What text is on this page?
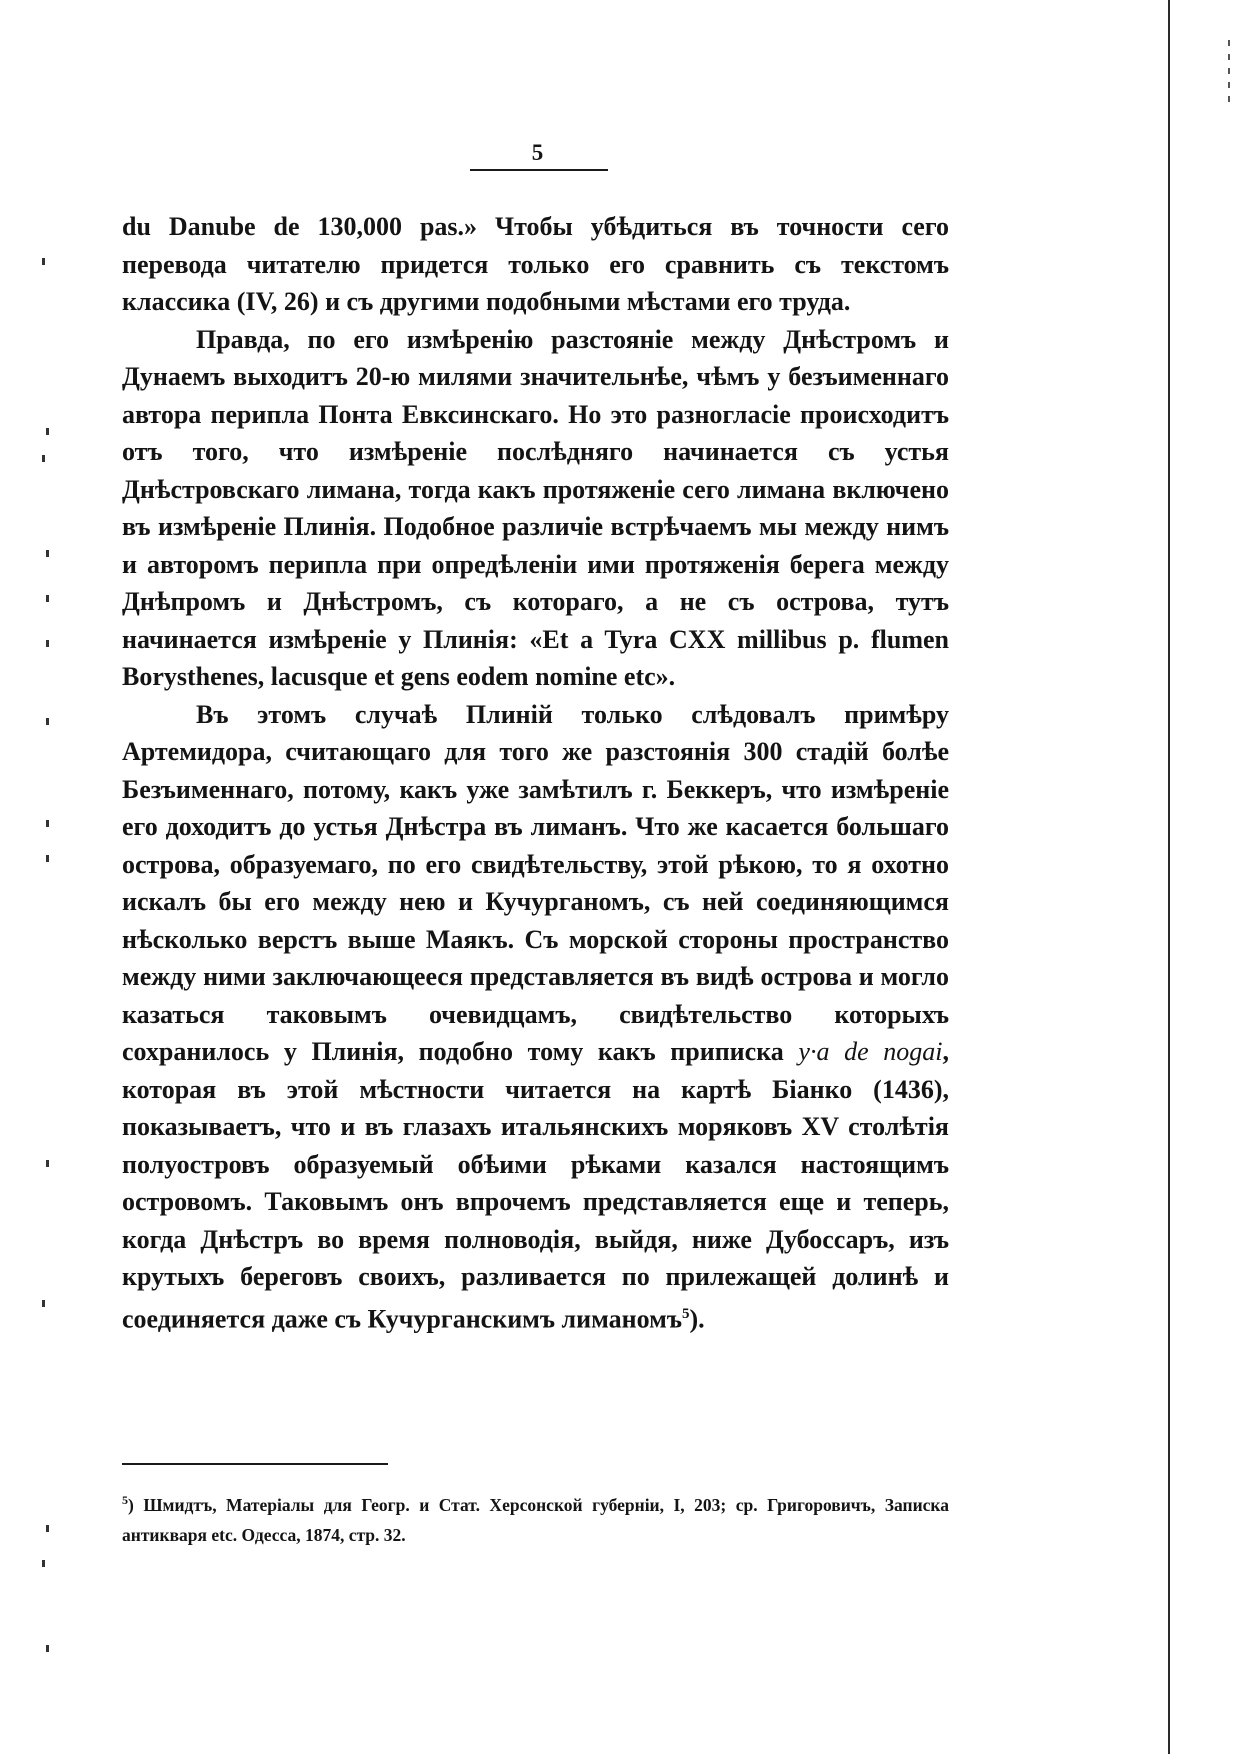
5

du Danube de 130,000 pas.» Чтобы убѣдиться въ точности сего перевода читателю придется только его сравнить съ текстомъ классика (IV, 26) и съ другими подобными мѣстами его труда.

Правда, по его измѣренію разстояніе между Днѣстромъ и Дунаемъ выходитъ 20-ю милями значительнѣе, чѣмъ у безъименнаго автора перипла Понта Евксинскаго. Но это разногласіе происходитъ отъ того, что измѣреніе послѣдняго начинается съ устья Днѣстровскаго лимана, тогда какъ протяженіе сего лимана включено въ измѣреніе Плинія. Подобное различіе встрѣчаемъ мы между нимъ и авторомъ перипла при опредѣленіи ими протяженія берега между Днѣпромъ и Днѣстромъ, съ котораго, а не съ острова, тутъ начинается измѣреніе у Плинія: «Et a Tyra CXX millibus p. flumen Borysthenes, lacusque et gens eodem nomine etc».

Въ этомъ случаѣ Плиній только слѣдовалъ примѣру Артемидора, считающаго для того же разстоянія 300 стадій болѣе Безъименнаго, потому, какъ уже замѣтилъ г. Беккеръ, что измѣреніе его доходитъ до устья Днѣстра въ лиманъ. Что же касается большаго острова, образуемаго, по его свидѣтельству, этой рѣкою, то я охотно искалъ бы его между нею и Кучурганомъ, съ ней соединяющимся нѣсколько верстъ выше Маякъ. Съ морской стороны пространство между ними заключающееся представляется въ видѣ острова и могло казаться таковымъ очевидцамъ, свидѣтельство которыхъ сохранилось у Плинія, подобно тому какъ приписка y·a de nogai, которая въ этой мѣстности читается на картѣ Біанко (1436), показываетъ, что и въ глазахъ итальянскихъ моряковъ XV столѣтія полуостровъ образуемый обѣими рѣками казался настоящимъ островомъ. Таковымъ онъ впрочемъ представляется еще и теперь, когда Днѣстръ во время полноводія, выйдя, ниже Дубоссаръ, изъ крутыхъ береговъ своихъ, разливается по прилежащей долинѣ и соединяется даже съ Кучурганскимъ лиманомъ$^5$).

$^5$) Шмидтъ, Матеріалы для Геогр. и Стат. Херсонской губерніи, I, 203; ср. Григоровичъ, Записка антикваря etc. Одесса, 1874, стр. 32.
